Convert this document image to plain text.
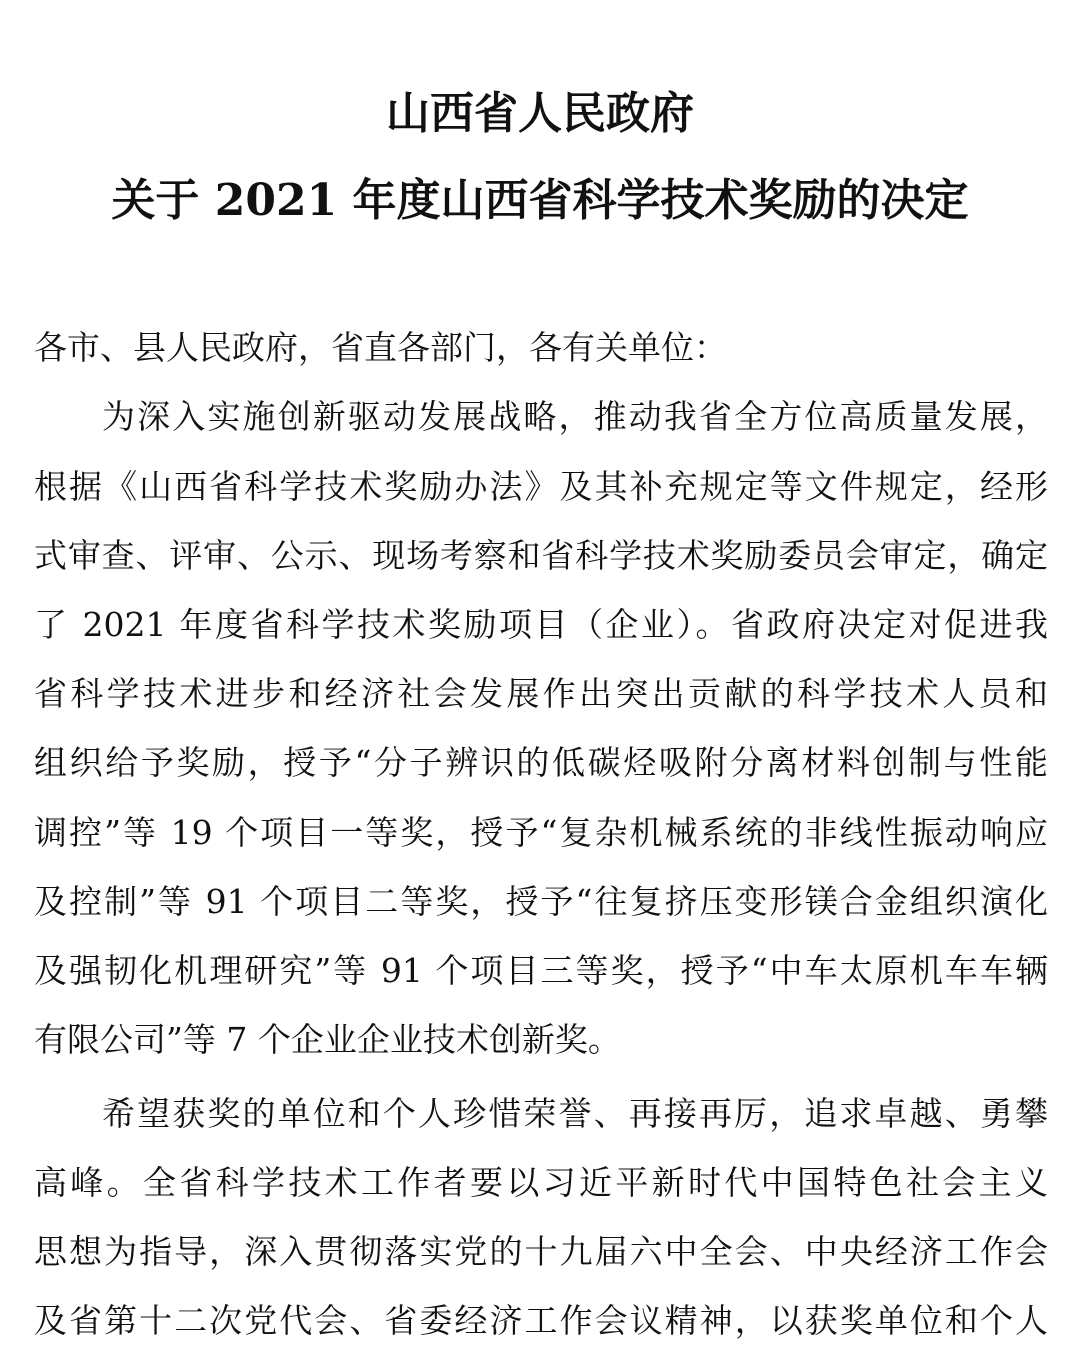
山西省人民政府
关于 2021 年度山西省科学技术奖励的决定
各市、县人民政府，省直各部门，各有关单位：
为深入实施创新驱动发展战略，推动我省全方位高质量发展，
根据《山西省科学技术奖励办法》及其补充规定等文件规定，经形
式审查、评审、公示、现场考察和省科学技术奖励委员会审定，确定
了 2021 年度省科学技术奖励项目（企业）。省政府决定对促进我
省科学技术进步和经济社会发展作出突出贡献的科学技术人员和
组织给予奖励，授予“分子辨识的低碳烃吸附分离材料创制与性能
调控”等 19 个项目一等奖，授予“复杂机械系统的非线性振动响应
及控制”等 91 个项目二等奖，授予“往复挤压变形镁合金组织演化
及强韧化机理研究”等 91 个项目三等奖，授予“中车太原机车车辆
有限公司”等 7 个企业企业技术创新奖。
希望获奖的单位和个人珍惜荣誉、再接再厉，追求卓越、勇攀
高峰。全省科学技术工作者要以习近平新时代中国特色社会主义
思想为指导，深入贯彻落实党的十九届六中全会、中央经济工作会
及省第十二次党代会、省委经济工作会议精神，以获奖单位和个人
